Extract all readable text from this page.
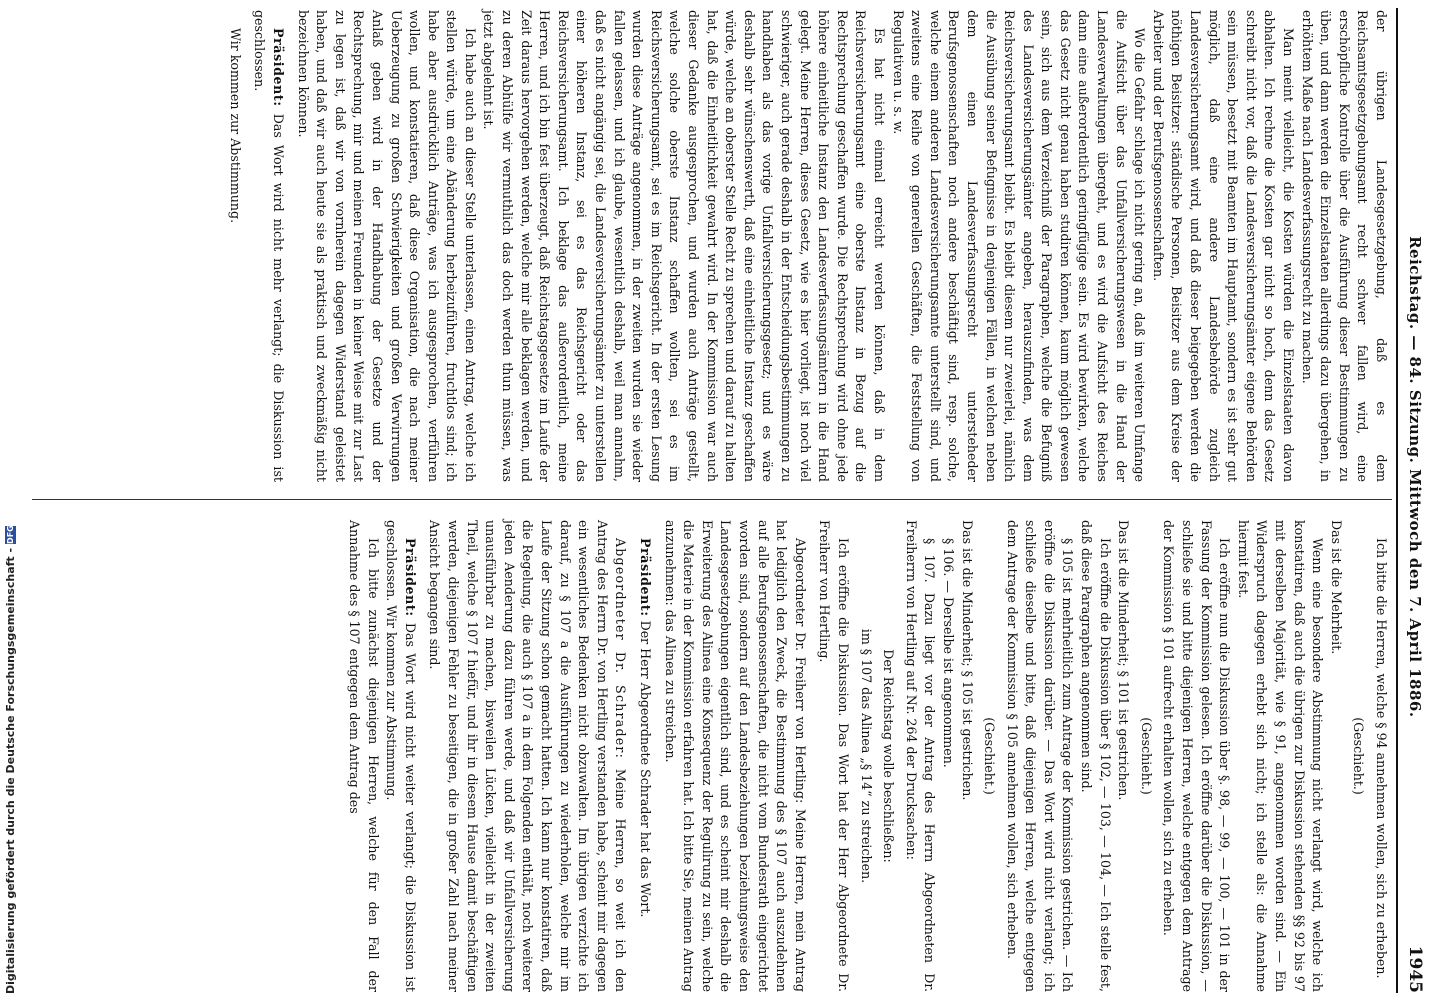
Reichstag. — 84. Sitzung. Mittwoch den 7. April 1886.
1945

der übrigen Landesgesetzgebung, daß es dem Reichsamtsgesetzgebungsamt recht schwer fallen wird, eine erschöpfliche Kontrolle über die Ausführung dieser Bestimmungen zu üben, und dann werden die Einzelstaaten allerdings dazu übergehen, in erhöhtem Maße nach Landesverfassungsrecht zu machen.

Man meint vielleicht, die Kosten würden die Einzelstaaten davon abhalten. Ich rechne die Kosten gar nicht so hoch, denn das Gesetz schreibt nicht vor, daß die Landesversicherungsämter eigene Behörden sein müssen, besetzt mit Beamten im Hauptamt, sondern es ist sehr gut möglich, daß eine andere Landesbehörde zugleich Landesversicherungsamt wird, und daß dieser beigegeben werden die nöthigen Beisitzer: ständische Personen, Beisitzer aus dem Kreise der Arbeiter und der Berufsgenossenschaften.

Wo die Gefahr schlage ich nicht gering an, daß im weiteren Umfange die Aufsicht über das Unfallversicherungswesen in die Hand der Landesverwaltungen übergeht, und es wird die Aufsicht des Reiches dann eine außerordentlich geringfügige sein. Es wird bewirken, welche das Gesetz nicht genau haben studiren können, kaum möglich gewesen sein, sich aus dem Verzeichniß der Paragraphen, welche die Befugniß des Landesversicherungsämter angeben, herauszufinden, was dem Reichsversicherungsamt bleibt. Es bleibt diesem nur zweierlei, nämlich die Ausübung seiner Befugnisse in denjenigen Fällen, in welchen neben dem einen Landesverfassungsrecht untersteheder Berufsgenossenschaften noch andere beschäftigt sind, resp. solche, welche einem anderen Landesversicherungsamte unterstellt sind, und zweitens eine Reihe von generellen Geschäften, die Feststellung von Regulativen u. s. w.

Es hat nicht einmal erreicht werden können, daß in dem Reichsversicherungsamt eine oberste Instanz in Bezug auf die Rechtsprechung geschaffen wurde. Die Rechtsprechung wird ohne jede höhere einheitliche Instanz den Landesverfassungsämtern in die Hand gelegt. Meine Herren, dieses Gesetz, wie es hier vorliegt, ist noch viel schwieriger, auch gerade deshalb in der Entscheidungsbestimmungen zu handhaben als das vorige Unfallversicherungsgesetz; und es wäre deshalb sehr wünschenswerth, daß eine einheitliche Instanz geschaffen würde, welche an oberster Stelle Recht zu sprechen und darauf zu halten hat, daß die Einheitlichkeit gewahrt wird. In der Kommission war auch dieser Gedanke ausgesprochen, und wurden auch Anträge gestellt, welche solche oberste Instanz schaffen wollten, sei es im Reichsversicherungsamt, sei es im Reichsgericht. In der ersten Lesung wurden diese Anträge angenommen, in der zweiten wurden sie wieder fallen gelassen, und ich glaube, wesentlich deshalb, weil man annahm, daß es nicht angängig sei, die Landesversicherungsämter zu unterstellen einer höheren Instanz, sei es das Reichsgericht oder das Reichsversicherungsamt. Ich beklage das außerordentlich, meine Herren, und ich bin fest überzeugt, daß Reichstagsgesetze im Laufe der Zeit daraus hervorgehen werden, welche mir alle beklagen werden, und zu deren Abhülfe wir vermuthlich das doch werden thun müssen, was jetzt abgelehnt ist.

Ich habe auch an dieser Stelle unterlassen, einen Antrag, welche ich stellen würde, um eine Abänderung herbeizuführen, fruchtlos sind; ich habe aber ausdrücklich Anträge, was ich ausgesprochen, verführen wollen, und konstatieren, daß diese Organisation, die nach meiner Ueberzeugung zu großen Schwierigkeiten und großen Verwirrungen Anlaß geben wird in der Handhabung der Gesetze und der Rechtsprechung, mir und meinen Freunden in keiner Weise mit zur Last zu legen ist, daß wir von vornherein dagegen Widerstand geleistet haben, und daß wir auch heute sie als praktisch und zweckmäßig nicht bezeichnen können.

Präsident: Das Wort wird nicht mehr verlangt; die Diskussion ist geschlossen.

Wir kommen zur Abstimmung.

Ich bitte die Herren, welche § 94 annehmen wollen, sich zu erheben.

(Geschieht.)

Das ist die Mehrheit.

Wenn eine besondere Abstimmung nicht verlangt wird, welche ich konstatiren, daß auch die übrigen zur Diskussion stehenden §§ 92 bis 97 mit derselben Majorität, wie § 91, angenommen worden sind. — Ein Widerspruch dagegen erhebt sich nicht; ich stelle als: die Annahme hiermit fest.

Ich eröffne nun die Diskussion über §. 98, — 99, — 100, — 101 in der Fassung der Kommission gelesen. Ich eröffne darüber die Diskussion, — schließe sie und bitte diejenigen Herren, welche entgegen dem Antrage der Kommission § 101 aufrecht erhalten wollen, sich zu erheben.

(Geschieht.)

Das ist die Minderheit; § 101 ist gestrichen.

Ich eröffne die Diskussion über § 102, — 103, — 104, — Ich stelle fest, daß diese Paragraphen angenommen sind.

§ 105 ist mehrheitlich zum Antrage der Kommission gestrichen. — Ich eröffne die Diskussion darüber. — Das Wort wird nicht verlangt; ich schließe dieselbe und bitte, daß diejenigen Herren, welche entgegen dem Antrage der Kommission § 105 annehmen wollen, sich erheben.

(Geschieht.)

Das ist die Minderheit; § 105 ist gestrichen.

§ 106. — Derselbe ist angenommen.

§ 107. Dazu liegt vor der Antrag des Herrn Abgeordneten Dr. Freiherrn von Hertling auf Nr. 264 der Drucksachen:

Der Reichstag wolle beschließen:

im § 107 das Alinea „§ 14“ zu streichen.

Ich eröffne die Diskussion. Das Wort hat der Herr Abgeordnete Dr. Freiherr von Hertling.

Abgeordneter Dr. Freiherr von Hertling: Meine Herren, mein Antrag hat lediglich den Zweck, die Bestimmung des § 107 auch auszudehnen auf alle Berufsgenossenschaften, die nicht vom Bundesrath eingerichtet worden sind, sondern auf den Landesbeziehungen beziehungsweise den Landesgesetzgebungen eigentlich sind, und es scheint mir deshalb die Erweiterung des Alinea eine Konsequenz der Regulirung zu sein, welche die Materie in der Kommission erfahren hat. Ich bitte Sie, meinen Antrag anzunehmen: das Alinea zu streichen.

Präsident: Der Herr Abgeordnete Schrader hat das Wort.

Abgeordneter Dr. Schrader: Meine Herren, so weit ich den Antrag des Herrn Dr. von Hertling verstanden habe, scheint mir dagegen ein wesentliches Bedenken nicht obzuwalten. Im übrigen verzichte ich darauf, zu § 107 a die Ausführungen zu wiederholen, welche mir im Laufe der Sitzung schon gemacht hatten. Ich kann nur konstatiren, daß die Regelung, die auch § 107 a in dem Folgenden enthält, noch weiterer jeden Aenderung dazu führen werde, und daß wir Unfallversicherung unausführbar zu machen, bisweilen Lücken, vielleicht in der zweiten Theil, welche § 107 f hiefür, und ihr in diesem Hause damit beschäftigen werden, diejenigen Fehler zu beseitigen, die in großer Zahl nach meiner Ansicht begangen sind.

Präsident: Das Wort wird nicht weiter verlangt; die Diskussion ist geschlossen. Wir kommen zur Abstimmung.

Ich bitte zunächst diejenigen Herren, welche für den Fall der Annahme des § 107 entgegen dem Antrag des

Digitalisierung gefördert durch die Deutsche Forschungsgemeinschaft -
DFG
